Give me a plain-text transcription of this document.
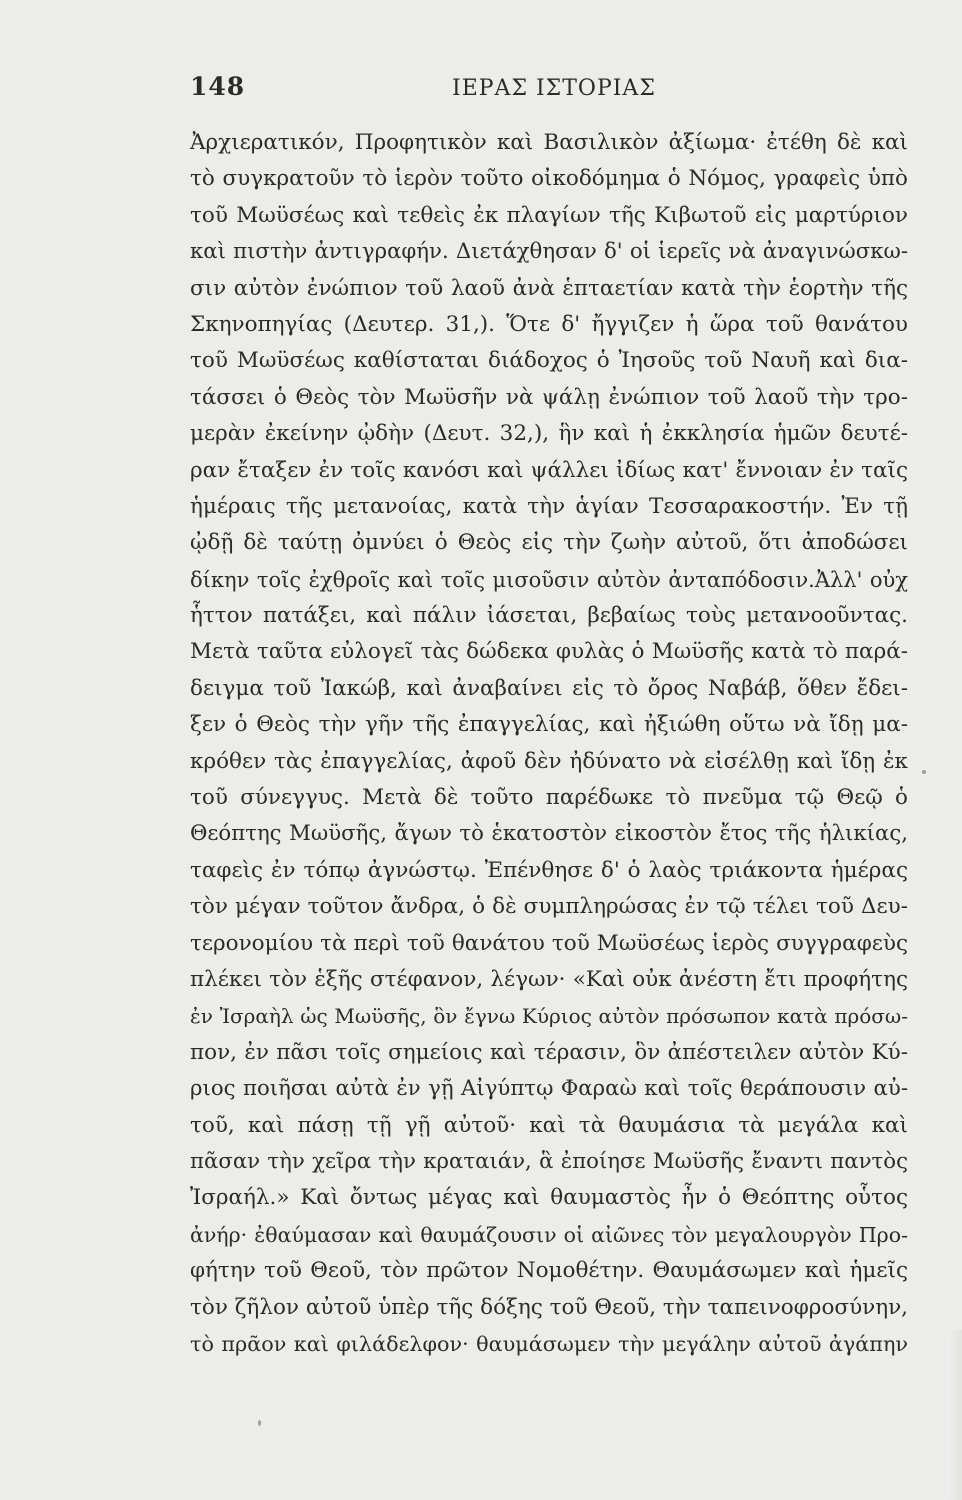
148	ΙΕΡΑΣ ΙΣΤΟΡΙΑΣ
Ἀρχιερατικόν, Προφητικὸν καὶ Βασιλικὸν ἀξίωμα· ἐτέθη δὲ καὶ
τὸ συγκρατοῦν τὸ ἱερὸν τοῦτο οἰκοδόμημα ὁ Νόμος, γραφεὶς ὑπὸ
τοῦ Μωϋσέως καὶ τεθεὶς ἐκ πλαγίων τῆς Κιβωτοῦ εἰς μαρτύριον
καὶ πιστὴν ἀντιγραφήν. Διετάχθησαν δ' οἱ ἱερεῖς νὰ ἀναγινώσκω-
σιν αὐτὸν ἐνώπιον τοῦ λαοῦ ἀνὰ ἑπταετίαν κατὰ τὴν ἑορτὴν τῆς
Σκηνοπηγίας (Δευτερ. 31,). Ὅτε δ' ἤγγιζεν ἡ ὥρα τοῦ θανάτου
τοῦ Μωϋσέως καθίσταται διάδοχος ὁ Ἰησοῦς τοῦ Ναυῆ καὶ δια-
τάσσει ὁ Θεὸς τὸν Μωϋσῆν νὰ ψάλῃ ἐνώπιον τοῦ λαοῦ τὴν τρο-
μερὰν ἐκείνην ᾠδὴν (Δευτ. 32,), ἣν καὶ ἡ ἐκκλησία ἡμῶν δευτέ-
ραν ἔταξεν ἐν τοῖς κανόσι καὶ ψάλλει ἰδίως κατ' ἔννοιαν ἐν ταῖς
ἡμέραις τῆς μετανοίας, κατὰ τὴν ἁγίαν Τεσσαρακοστήν. Ἐν τῇ
ᾠδῇ δὲ ταύτῃ ὀμνύει ὁ Θεὸς εἰς τὴν ζωὴν αὐτοῦ, ὅτι ἀποδώσει
δίκην τοῖς ἐχθροῖς καὶ τοῖς μισοῦσιν αὐτὸν ἀνταπόδοσιν.Ἀλλ' οὐχ
ἧττον πατάξει, καὶ πάλιν ἰάσεται, βεβαίως τοὺς μετανοοῦντας.
Μετὰ ταῦτα εὐλογεῖ τὰς δώδεκα φυλὰς ὁ Μωϋσῆς κατὰ τὸ παρά-
δειγμα τοῦ Ἰακώβ, καὶ ἀναβαίνει εἰς τὸ ὄρος Ναβάβ, ὅθεν ἔδει-
ξεν ὁ Θεὸς τὴν γῆν τῆς ἐπαγγελίας, καὶ ἠξιώθη οὕτω νὰ ἴδῃ μα-
κρόθεν τὰς ἐπαγγελίας, ἀφοῦ δὲν ἠδύνατο νὰ εἰσέλθῃ καὶ ἴδῃ ἐκ
τοῦ σύνεγγυς. Μετὰ δὲ τοῦτο παρέδωκε τὸ πνεῦμα τῷ Θεῷ ὁ
Θεόπτης Μωϋσῆς, ἄγων τὸ ἑκατοστὸν εἰκοστὸν ἔτος τῆς ἡλικίας,
ταφεὶς ἐν τόπῳ ἀγνώστῳ. Ἐπένθησε δ' ὁ λαὸς τριάκοντα ἡμέρας
τὸν μέγαν τοῦτον ἄνδρα, ὁ δὲ συμπληρώσας ἐν τῷ τέλει τοῦ Δευ-
τερονομίου τὰ περὶ τοῦ θανάτου τοῦ Μωϋσέως ἱερὸς συγγραφεὺς
πλέκει τὸν ἑξῆς στέφανον, λέγων· «Καὶ οὐκ ἀνέστη ἔτι προφήτης
ἐν Ἰσραὴλ ὡς Μωϋσῆς, ὃν ἔγνω Κύριος αὐτὸν πρόσωπον κατὰ πρόσω-
πον, ἐν πᾶσι τοῖς σημείοις καὶ τέρασιν, ὃν ἀπέστειλεν αὐτὸν Κύ-
ριος ποιῆσαι αὐτὰ ἐν γῇ Αἰγύπτῳ Φαραὼ καὶ τοῖς θεράπουσιν αὐ-
τοῦ, καὶ πάσῃ τῇ γῇ αὐτοῦ· καὶ τὰ θαυμάσια τὰ μεγάλα καὶ
πᾶσαν τὴν χεῖρα τὴν κραταιάν, ἃ ἐποίησε Μωϋσῆς ἔναντι παντὸς
Ἰσραήλ.» Καὶ ὄντως μέγας καὶ θαυμαστὸς ἦν ὁ Θεόπτης οὗτος
ἀνήρ· ἐθαύμασαν καὶ θαυμάζουσιν οἱ αἰῶνες τὸν μεγαλουργὸν Προ-
φήτην τοῦ Θεοῦ, τὸν πρῶτον Νομοθέτην. Θαυμάσωμεν καὶ ἡμεῖς
τὸν ζῆλον αὐτοῦ ὑπὲρ τῆς δόξης τοῦ Θεοῦ, τὴν ταπεινοφροσύνην,
τὸ πρᾶον καὶ φιλάδελφον· θαυμάσωμεν τὴν μεγάλην αὐτοῦ ἀγάπην
